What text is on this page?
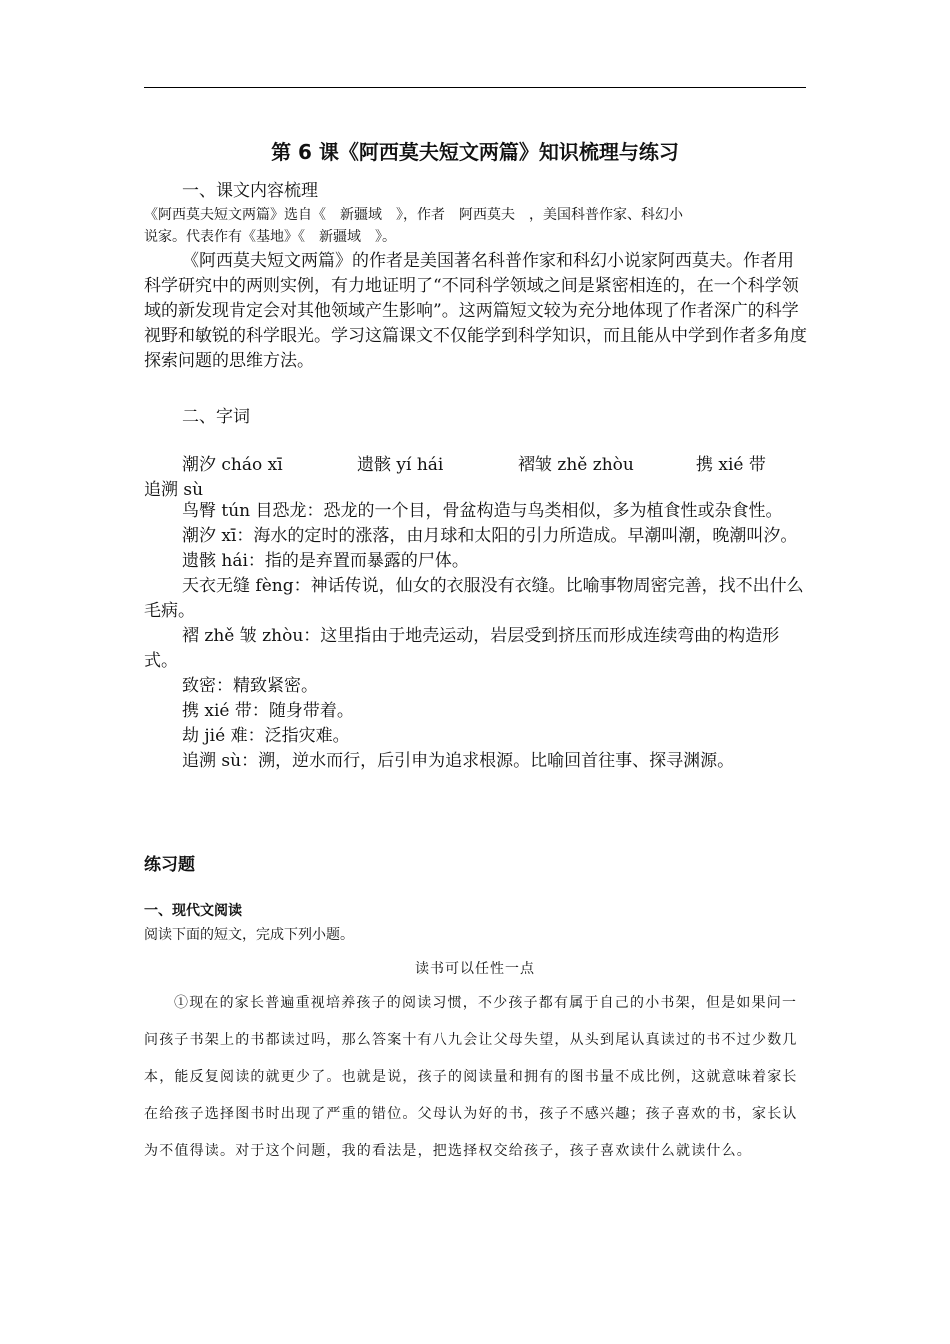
第 6 课《阿西莫夫短文两篇》知识梳理与练习
一、课文内容梳理

《阿西莫夫短文两篇》选自《　新疆域　》，作者　阿西莫夫　，美国科普作家、科幻小

说家。代表作有《基地》《　新疆域　》。

《阿西莫夫短文两篇》的作者是美国著名科普作家和科幻小说家阿西莫夫。作者用科学研究中的两则实例，有力地证明了“不同科学领域之间是紧密相连的，在一个科学领域的新发现肯定会对其他领域产生影响”。这两篇短文较为充分地体现了作者深广的科学视野和敏锐的科学眼光。学习这篇课文不仅能学到科学知识，而且能从中学到作者多角度探索问题的思维方法。

二、字词
潮汐 cháo xī	遗骸 yí hái	褶皱 zhě zhòu	携 xié 带
追溯 sù

鸟臀 tún 目恐龙：恐龙的一个目，骨盆构造与鸟类相似，多为植食性或杂食性。

潮汐 xī：海水的定时的涨落，由月球和太阳的引力所造成。早潮叫潮，晚潮叫汐。

遗骸 hái：指的是弃置而暴露的尸体。

天衣无缝 fèng：神话传说，仙女的衣服没有衣缝。比喻事物周密完善，找不出什么毛病。

褶 zhě 皱 zhòu：这里指由于地壳运动，岩层受到挤压而形成连续弯曲的构造形式。

致密：精致紧密。

携 xié 带：随身带着。

劫 jié 难：泛指灾难。

追溯 sù：溯，逆水而行，后引申为追求根源。比喻回首往事、探寻渊源。

练习题
一、现代文阅读
阅读下面的短文，完成下列小题。
读书可以任性一点

①现在的家长普遍重视培养孩子的阅读习惯，不少孩子都有属于自己的小书架，但是如果问一问孩子书架上的书都读过吗，那么答案十有八九会让父母失望，从头到尾认真读过的书不过少数几本，能反复阅读的就更少了。也就是说，孩子的阅读量和拥有的图书量不成比例，这就意味着家长在给孩子选择图书时出现了严重的错位。父母认为好的书，孩子不感兴趣；孩子喜欢的书，家长认为不值得读。对于这个问题，我的看法是，把选择权交给孩子，孩子喜欢读什么就读什么。
